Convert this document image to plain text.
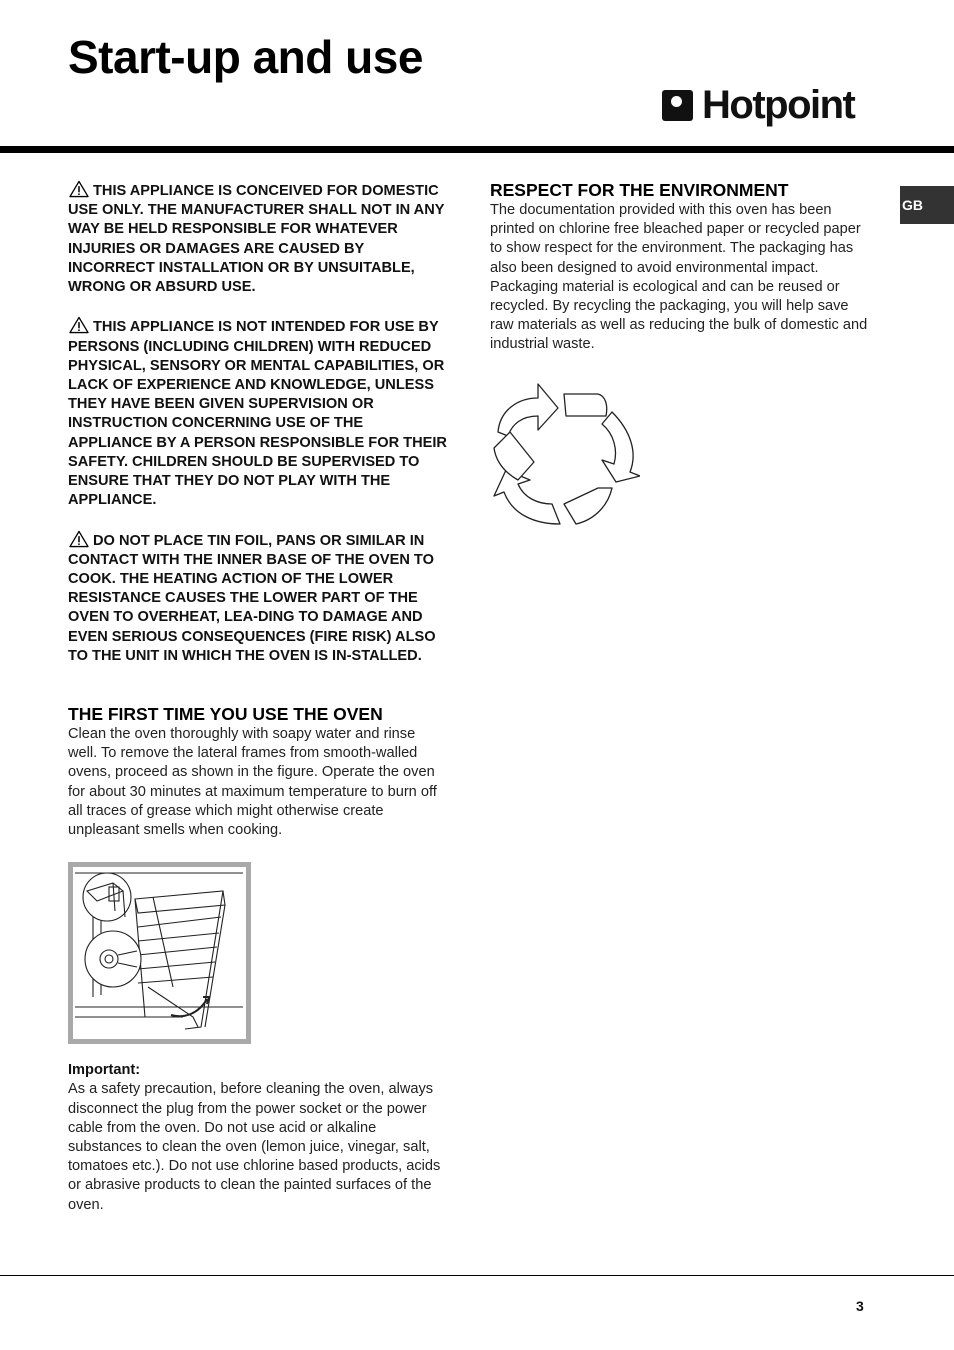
Start-up and use
Hotpoint
GB

THIS APPLIANCE IS CONCEIVED FOR DOMESTIC USE ONLY. THE MANUFACTURER SHALL NOT IN ANY WAY BE HELD RESPONSIBLE FOR WHATEVER INJURIES OR DAMAGES ARE CAUSED BY INCORRECT INSTALLATION OR BY UNSUITABLE, WRONG OR ABSURD USE.

THIS APPLIANCE IS NOT INTENDED FOR USE BY PERSONS (INCLUDING CHILDREN) WITH REDUCED PHYSICAL, SENSORY OR MENTAL CAPABILITIES, OR LACK OF EXPERIENCE AND KNOWLEDGE, UNLESS THEY HAVE BEEN GIVEN SUPERVISION OR INSTRUCTION CONCERNING USE OF THE APPLIANCE BY A PERSON RESPONSIBLE FOR THEIR SAFETY. CHILDREN SHOULD BE SUPERVISED TO ENSURE THAT THEY DO NOT PLAY WITH THE APPLIANCE.

DO NOT PLACE TIN FOIL, PANS OR SIMILAR IN CONTACT WITH THE INNER BASE OF THE OVEN TO COOK. THE HEATING ACTION OF THE LOWER RESISTANCE CAUSES THE LOWER PART OF THE OVEN TO OVERHEAT, LEA-DING TO DAMAGE AND EVEN SERIOUS CONSEQUENCES (FIRE RISK) ALSO TO THE UNIT IN WHICH THE OVEN IS IN-STALLED.

THE FIRST TIME YOU USE THE OVEN

Clean the oven thoroughly with soapy water and rinse well. To remove the lateral frames from smooth-walled ovens, proceed as shown in the figure. Operate the oven for about 30 minutes at maximum temperature to burn off all traces of grease which might otherwise create unpleasant smells when cooking.

Important:

As a safety precaution, before cleaning the oven, always disconnect the plug from the power socket or the power cable from the oven. Do not use acid or alkaline substances to clean the oven (lemon juice, vinegar, salt, tomatoes etc.). Do not use chlorine based products, acids or abrasive products to clean the painted surfaces of the oven.

RESPECT FOR THE ENVIRONMENT

The documentation provided with this oven has been printed on chlorine free bleached paper or recycled paper to show respect for the environment. The packaging has also been designed to avoid environmental impact. Packaging material is ecological and can be reused or recycled. By recycling the packaging, you will help save raw materials as well as reducing the bulk of domestic and industrial waste.

3
